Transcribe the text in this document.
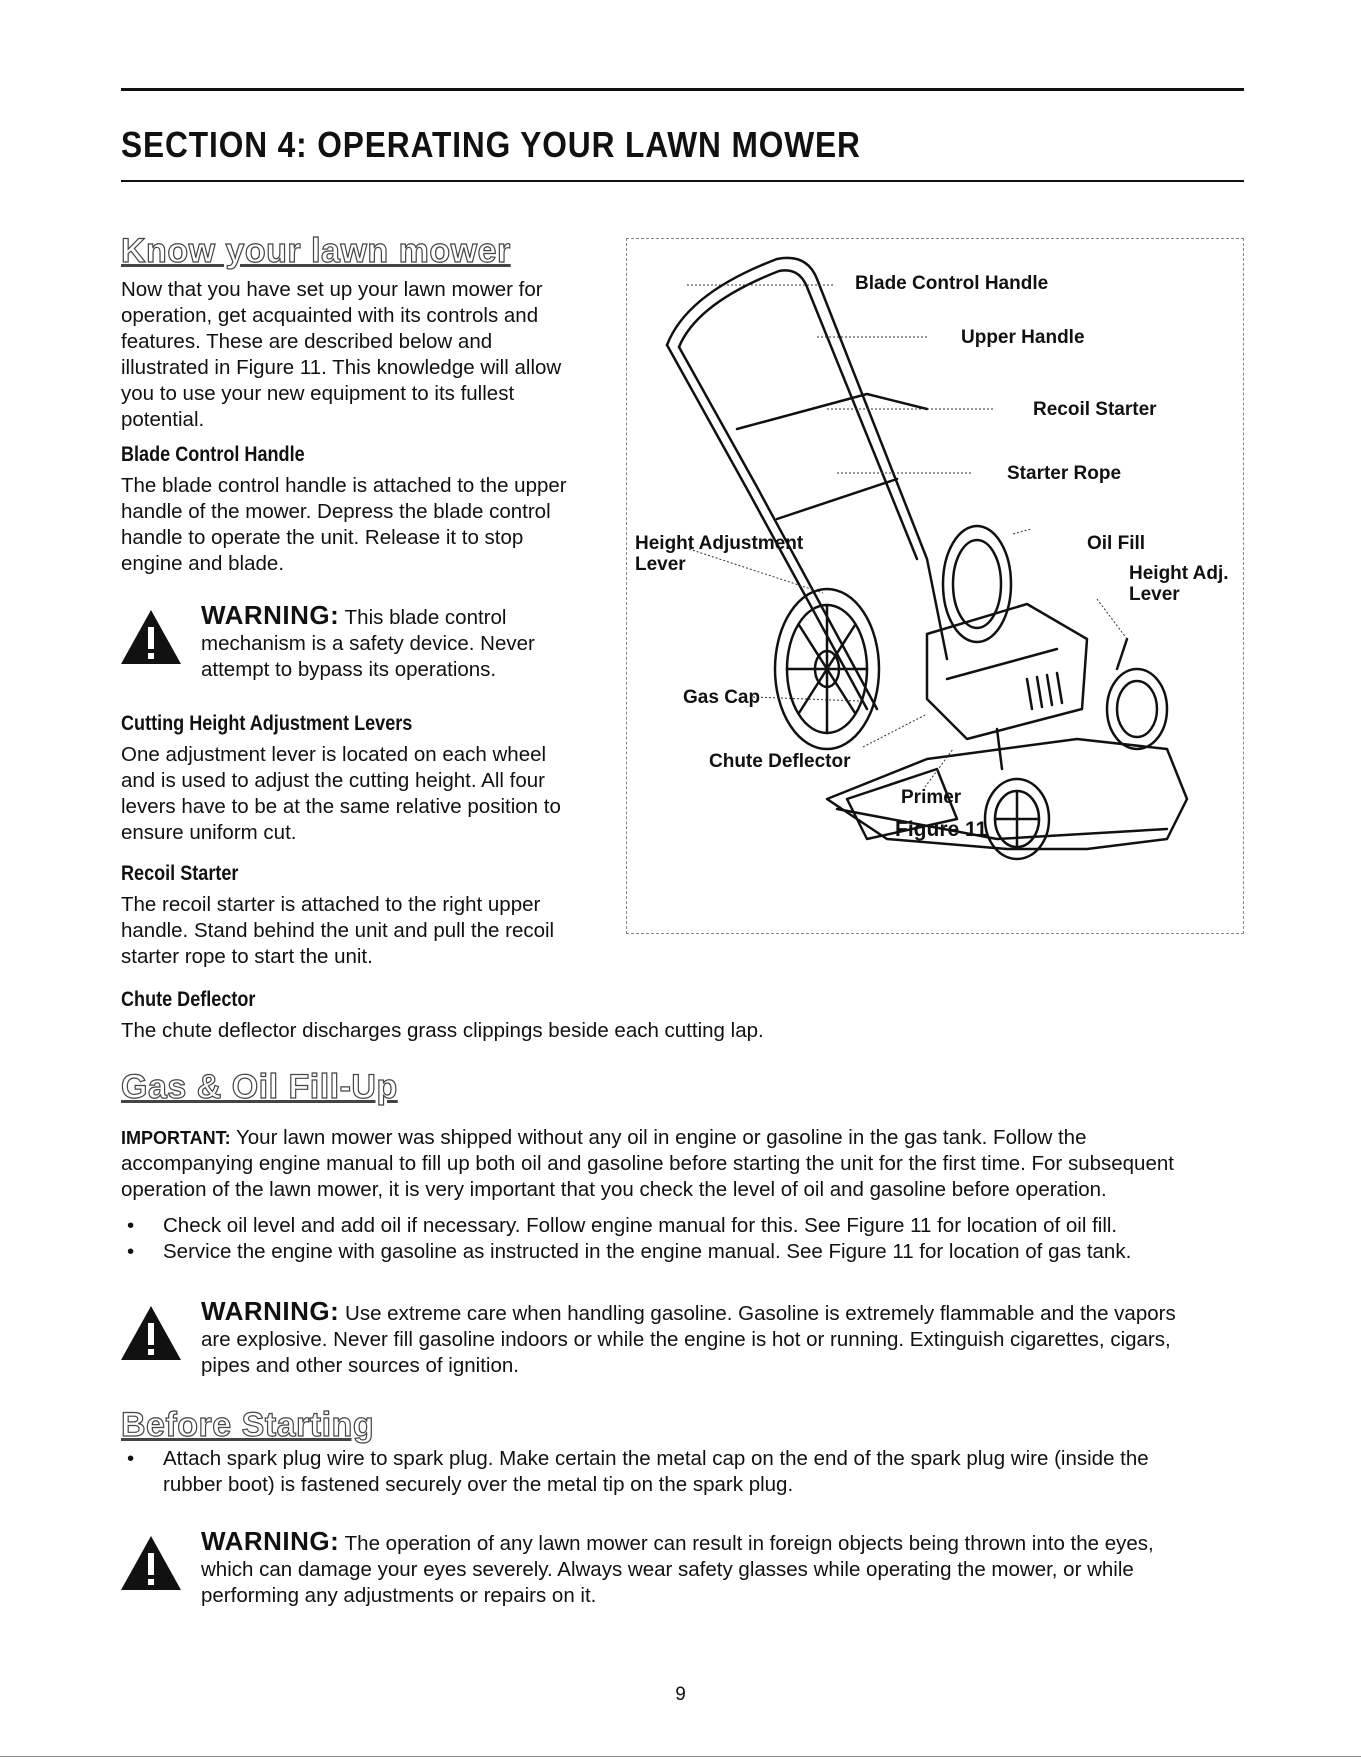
SECTION 4: OPERATING YOUR LAWN MOWER
Know your lawn mower

Now that you have set up your lawn mower for

operation, get acquainted with its controls and

features. These are described below and

illustrated in Figure 11. This knowledge will allow

you to use your new equipment to its fullest

potential.

Blade Control Handle

The blade control handle is attached to the upper

handle of the mower. Depress the blade control

handle to operate the unit. Release it to stop

engine and blade.

WARNING: This blade control
mechanism is a safety device. Never
attempt to bypass its operations.

Cutting Height Adjustment Levers

One adjustment lever is located on each wheel

and is used to adjust the cutting height. All four

levers have to be at the same relative position to

ensure uniform cut.

Recoil Starter

The recoil starter is attached to the right upper

handle. Stand behind the unit and pull the recoil

starter rope to start the unit.

Chute Deflector

The chute deflector discharges grass clippings beside each cutting lap.

Blade Control Handle
Upper Handle
Recoil Starter
Starter Rope
Height Adjustment
Lever
Oil Fill
Height Adj.
Lever
Gas Cap
Chute Deflector
Primer
Figure 11
Gas & Oil Fill-Up

IMPORTANT: Your lawn mower was shipped without any oil in engine or gasoline in the gas tank. Follow the

accompanying engine manual to fill up both oil and gasoline before starting the unit for the first time. For subsequent

operation of the lawn mower, it is very important that you check the level of oil and gasoline before operation.

• Check oil level and add oil if necessary. Follow engine manual for this. See Figure 11 for location of oil fill.
• Service the engine with gasoline as instructed in the engine manual. See Figure 11 for location of gas tank.
WARNING: Use extreme care when handling gasoline. Gasoline is extremely flammable and the vapors
are explosive. Never fill gasoline indoors or while the engine is hot or running. Extinguish cigarettes, cigars,
pipes and other sources of ignition.
Before Starting
• Attach spark plug wire to spark plug. Make certain the metal cap on the end of the spark plug wire (inside the
rubber boot) is fastened securely over the metal tip on the spark plug.
WARNING: The operation of any lawn mower can result in foreign objects being thrown into the eyes,
which can damage your eyes severely. Always wear safety glasses while operating the mower, or while
performing any adjustments or repairs on it.
9
